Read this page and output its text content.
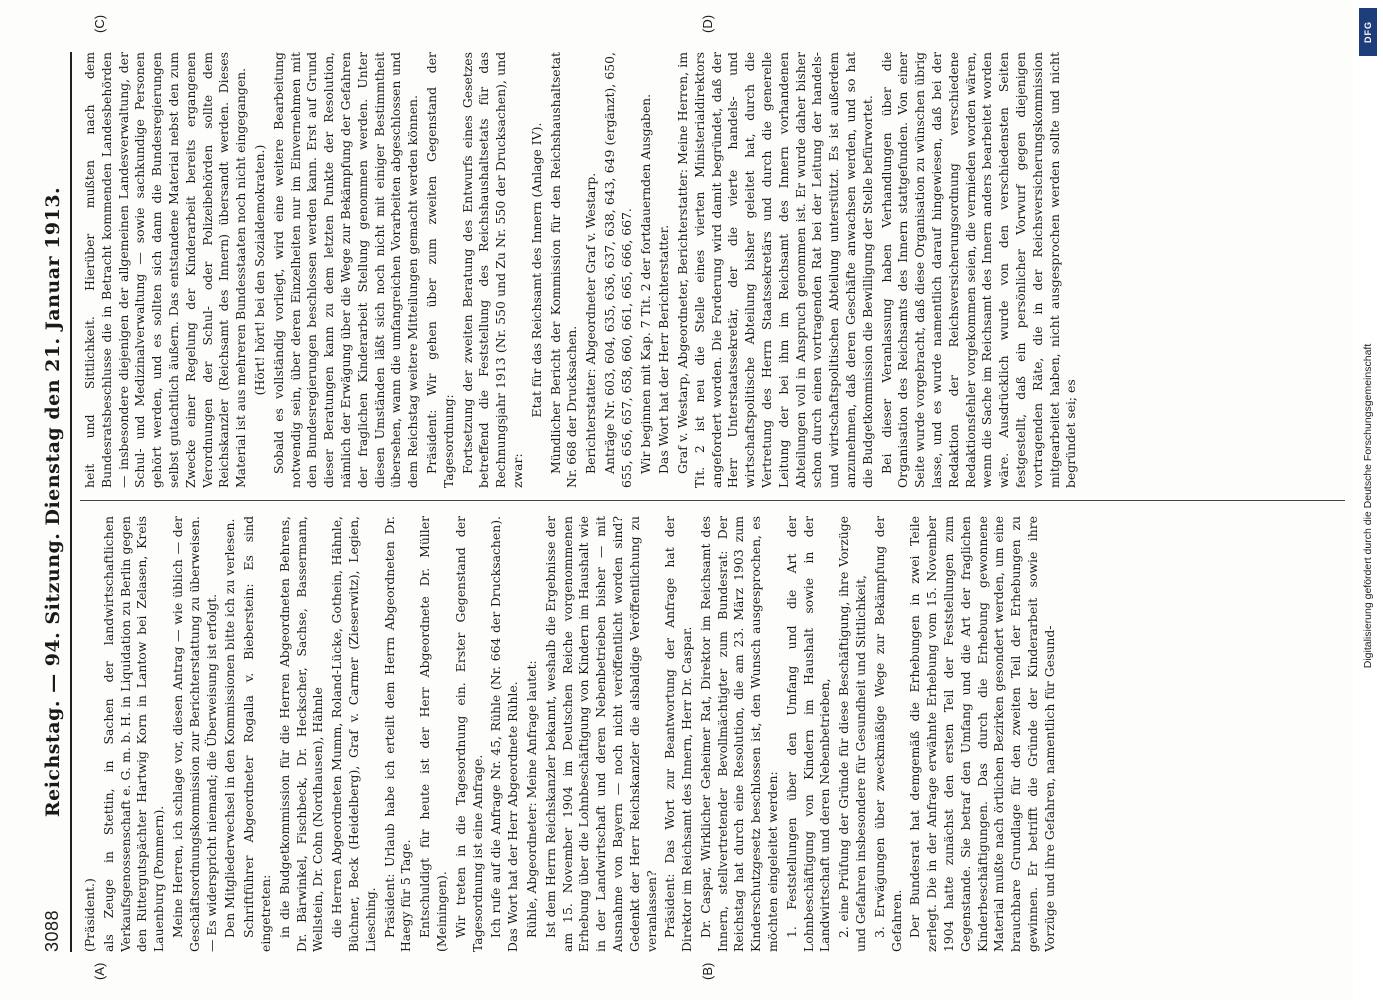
3088
Reichstag. — 94. Sitzung. Dienstag den 21. Januar 1913.
(A)	(B)
(C)	(D)

(Präsident.) als Zeuge in Stettin, in Sachen der landwirtschaftlichen Verkaufsgenossenschaft e. G. m. b. H. in Liquidation zu Berlin gegen den Rittergutspächter Hartwig Korn in Lantow bei Zelasen, Kreis Lauenburg (Pommern). Meine Herren, ich schlage vor, diesen Antrag — wie üblich — der Geschäftsordnungskommission zur Berichterstattung zu überweisen. — Es widerspricht niemand; die Überweisung ist erfolgt. Den Mitgliederwechsel in den Kommissionen bitte ich zu verlesen. Schriftführer Abgeordneter Rogalla v. Bieberstein: Es sind eingetreten: in die Budgetkommission für die Herren Abgeordneten Behrens, Dr. Bärwinkel, Fischbeck, Dr. Heckscher, Sachse, Bassermann, Wellstein, Dr. Cohn (Nordhausen), Hähnle die Herren Abgeordneten Mumm, Roland-Lücke, Gothein, Hähnle, Büchner, Beck (Heidelberg), Graf v. Carmer (Zieserwitz), Legien, Liesching. Präsident: Urlaub habe ich erteilt dem Herrn Abgeordneten Dr. Haegy für 5 Tage. Entschuldigt für heute ist der Herr Abgeordnete Dr. Müller (Meiningen). Wir treten in die Tagesordnung ein. Erster Gegenstand der Tagesordnung ist eine Anfrage. Ich rufe auf die Anfrage Nr. 45, Rühle (Nr. 664 der Drucksachen). Das Wort hat der Herr Abgeordnete Rühle. Rühle, Abgeordneter: Meine Anfrage lautet: Ist dem Herrn Reichskanzler bekannt, weshalb die Ergebnisse der am 15. November 1904 im Deutschen Reiche vorgenommenen Erhebung über die Lohnbeschäftigung von Kindern im Haushalt wie in der Landwirtschaft und deren Nebenbetrieben bisher — mit Ausnahme von Bayern — noch nicht veröffentlicht worden sind? Gedenkt der Herr Reichskanzler die alsbaldige Veröffentlichung zu veranlassen? Präsident: Das Wort zur Beantwortung der Anfrage hat der Direktor im Reichsamt des Innern, Herr Dr. Caspar. Dr. Caspar, Wirklicher Geheimer Rat, Direktor im Reichsamt des Innern, stellvertretender Bevollmächtigter zum Bundesrat: Der Reichstag hat durch eine Resolution, die am 23. März 1903 zum Kinderschutzgesetz beschlossen ist, den Wunsch ausgesprochen, es möchten eingeleitet werden: 1. Feststellungen über den Umfang und die Art der Lohnbeschäftigung von Kindern im Haushalt sowie in der Landwirtschaft und deren Nebenbetrieben, 2. eine Prüfung der Gründe für diese Beschäftigung, ihre Vorzüge und Gefahren insbesondere für Gesundheit und Sittlichkeit, 3. Erwägungen über zweckmäßige Wege zur Bekämpfung der Gefahren. Der Bundesrat hat demgemäß die Erhebungen in zwei Teile zerlegt. Die in der Anfrage erwähnte Erhebung vom 15. November 1904 hatte zunächst den ersten Teil der Feststellungen zum Gegenstande. Sie betraf den Umfang und die Art der fraglichen Kinderbeschäftigungen. Das durch die Erhebung gewonnene Material mußte nach örtlichen Bezirken gesondert werden, um eine brauchbare Grundlage für den zweiten Teil der Erhebungen zu gewinnen. Er betrifft die Gründe der Kinderarbeit sowie ihre Vorzüge und ihre Gefahren, namentlich für Gesund-

heit und Sittlichkeit. Hierüber mußten nach dem Bundesratsbeschlusse die in Betracht kommenden Landesbehörden — insbesondere diejenigen der allgemeinen Landesverwaltung, der Schul- und Medizinalverwaltung — sowie sachkundige Personen gehört werden, und es sollten sich dann die Bundesregierungen selbst gutachtlich äußern. Das entstandene Material nebst den zum Zwecke einer Regelung der Kinderarbeit bereits ergangenen Verordnungen der Schul- oder Polizeibehörden sollte dem Reichskanzler (Reichsamt des Innern) übersandt werden. Dieses Material ist aus mehreren Bundesstaaten noch nicht eingegangen. (Hört! hört! bei den Sozialdemokraten.) Sobald es vollständig vorliegt, wird eine weitere Bearbeitung notwendig sein, über deren Einzelheiten nur im Einvernehmen mit den Bundesregierungen beschlossen werden kann. Erst auf Grund dieser Beratungen kann zu dem letzten Punkte der Resolution, nämlich der Erwägung über die Wege zur Bekämpfung der Gefahren der fraglichen Kinderarbeit Stellung genommen werden. Unter diesen Umständen läßt sich noch nicht mit einiger Bestimmtheit übersehen, wann die umfangreichen Vorarbeiten abgeschlossen und dem Reichstag weitere Mitteilungen gemacht werden können. Präsident: Wir gehen über zum zweiten Gegenstand der Tagesordnung: Fortsetzung der zweiten Beratung des Entwurfs eines Gesetzes betreffend die Feststellung des Reichshaushaltsetats für das Rechnungsjahr 1913 (Nr. 550 und Zu Nr. 550 der Drucksachen), und zwar:

Etat für das Reichsamt des Innern (Anlage IV). Mündlicher Bericht der Kommission für den Reichshaushaltsetat Nr. 668 der Drucksachen. Berichterstatter: Abgeordneter Graf v. Westarp. Anträge Nr. 603, 604, 635, 636, 637, 638, 643, 649 (ergänzt), 650, 655, 656, 657, 658, 660, 661, 665, 666, 667. Wir beginnen mit Kap. 7 Tit. 2 der fortdauernden Ausgaben. Das Wort hat der Herr Berichterstatter. Graf v. Westarp, Abgeordneter, Berichterstatter: Meine Herren, im Tit. 2 ist neu die Stelle eines vierten Ministerialdirektors angefordert worden. Die Forderung wird damit begründet, daß der Herr Unterstaatssekretär, der die vierte handels- und wirtschaftspolitische Abteilung bisher geleitet hat, durch die Vertretung des Herrn Staatssekretärs und durch die generelle Leitung der bei ihm im Reichsamt des Innern vorhandenen Abteilungen voll in Anspruch genommen ist. Er wurde daher bisher schon durch einen vortragenden Rat bei der Leitung der handels- und wirtschaftspolitischen Abteilung unterstützt. Es ist außerdem anzunehmen, daß deren Geschäfte anwachsen werden, und so hat die Budgetkommission die Bewilligung der Stelle befürwortet. Bei dieser Veranlassung haben Verhandlungen über die Organisation des Reichsamts des Innern stattgefunden. Von einer Seite wurde vorgebracht, daß diese Organisation zu wünschen übrig lasse, und es wurde namentlich darauf hingewiesen, daß bei der Redaktion der Reichsversicherungsordnung verschiedene Redaktionsfehler vorgekommen seien, die vermieden worden wären, wenn die Sache im Reichsamt des Innern anders bearbeitet worden wäre. Ausdrücklich wurde von den verschiedensten Seiten festgestellt, daß ein persönlicher Vorwurf gegen diejenigen vortragenden Räte, die in der Reichsversicherungskommission mitgearbeitet haben, nicht ausgesprochen werden sollte und nicht begründet sei; es

DFG
Digitalisierung gefördert durch die Deutsche Forschungsgemeinschaft
